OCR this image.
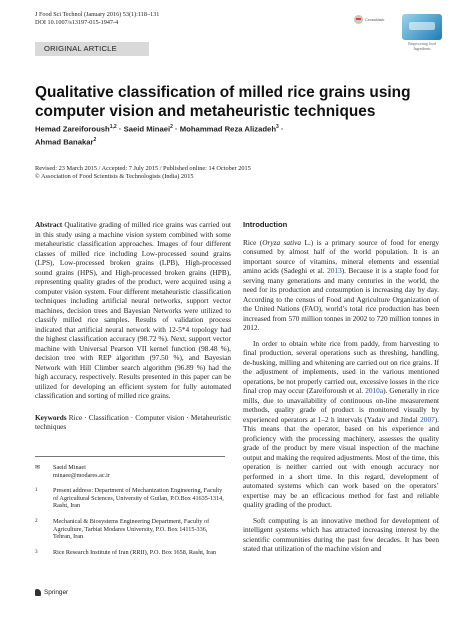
J Food Sci Technol (January 2016) 53(1):118–131
DOI 10.1007/s13197-015-1947-4	CrossMark
Empowering food Ingredients
ORIGINAL ARTICLE
Qualitative classification of milled rice grains using computer vision and metaheuristic techniques
Hemad Zareiforoush$^{1,2}$ · Saeid Minaei$^2$ · Mohammad Reza Alizadeh$^3$ ·
Ahmad Banakar$^2$
Revised: 23 March 2015 / Accepted: 7 July 2015 / Published online: 14 October 2015
© Association of Food Scientists & Technologists (India) 2015
Abstract Qualitative grading of milled rice grains was carried out in this study using a machine vision system combined with some metaheuristic classification approaches. Images of four different classes of milled rice including Low-processed sound grains (LPS), Low-processed broken grains (LPB), High-processed sound grains (HPS), and High-processed broken grains (HPB), representing quality grades of the product, were acquired using a computer vision system. Four different metaheuristic classification techniques including artificial neural networks, support vector machines, decision trees and Bayesian Networks were utilized to classify milled rice samples. Results of validation process indicated that artificial neural network with 12-5*4 topology had the highest classification accuracy (98.72 %). Next, support vector machine with Universal Pearson VII kernel function (98.48 %), decision tree with REP algorithm (97.50 %), and Bayesian Network with Hill Climber search algorithm (96.89 %) had the high accuracy, respectively. Results presented in this paper can be utilized for developing an efficient system for fully automated classification and sorting of milled rice grains.
Keywords Rice · Classification · Computer vision · Metaheuristic techniques
✉	Saeid Minaei
minaee@modares.ac.ir
1	Present address: Department of Mechanization Engineering, Faculty of Agricultural Sciences, University of Guilan, P.O.Box 41635-1314, Rasht, Iran
2	Mechanical & Biosystems Engineering Department, Faculty of Agriculture, Tarbiat Modares University, P.O. Box 14115-336, Tehran, Iran
3	Rice Research Institute of Iran (RRII), P.O. Box 1658, Rasht, Iran
Springer
Introduction

Rice (Oryza sativa L.) is a primary source of food for energy consumed by almost half of the world population. It is an important source of vitamins, mineral elements and essential amino acids (Sadeghi et al. 2013). Because it is a staple food for serving many generations and many centuries in the world, the need for its production and consumption is increasing day by day. According to the census of Food and Agriculture Organization of the United Nations (FAO), world’s total rice production has been increased from 570 million tonnes in 2002 to 720 million tonnes in 2012.

In order to obtain white rice from paddy, from harvesting to final production, several operations such as threshing, handling, de-husking, milling and whitening are carried out on rice grains. If the adjustment of implements, used in the various mentioned operations, be not properly carried out, excessive losses in the rice final crop may occur (Zareiforoush et al. 2010a). Generally in rice mills, due to unavailability of continuous on-line measurement methods, quality grade of product is monitored visually by experienced operators at 1–2 h intervals (Yadav and Jindal 2007). This means that the operator, based on his experience and proficiency with the processing machinery, assesses the quality grade of the product by mere visual inspection of the machine output and making the required adjustments. Most of the time, this operation is neither carried out with enough accuracy nor performed in a short time. In this regard, development of automated systems which can work based on the operators’ expertise may be an efficacious method for fast and reliable quality grading of the product.

Soft computing is an innovative method for development of intelligent systems which has attracted increasing interest by the scientific communities during the past few decades. It has been stated that utilization of the machine vision and
